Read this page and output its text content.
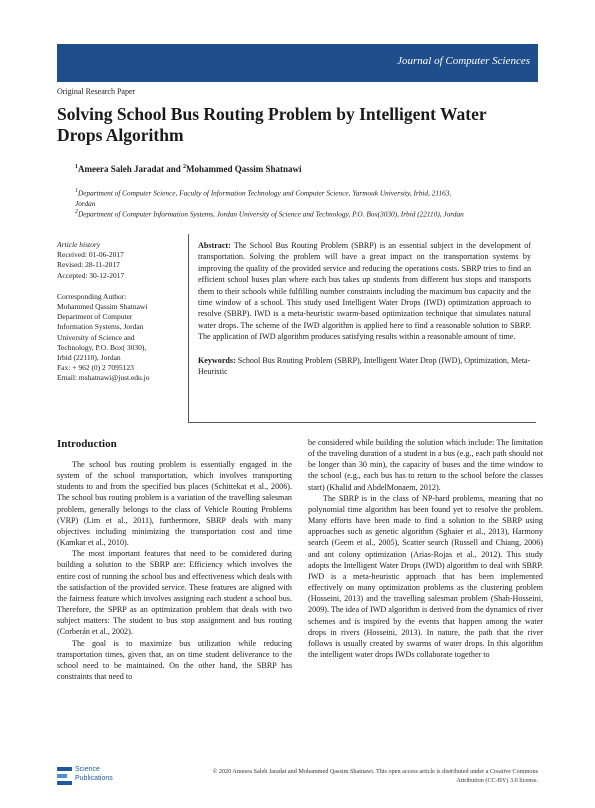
Journal of Computer Sciences
Original Research Paper
Solving School Bus Routing Problem by Intelligent Water Drops Algorithm
$^1$Ameera Saleh Jaradat and $^2$Mohammed Qassim Shatnawi
$^1$Department of Computer Science, Faculty of Information Technology and Computer Science, Yarmouk University, Irbid, 21163, Jordan
$^2$Department of Computer Information Systems, Jordan University of Science and Technology, P.O. Box(3030), Irbid (22110), Jordan
Article history
Received: 01-06-2017
Revised: 28-11-2017
Accepted: 30-12-2017
Corresponding Author:
Mohammed Qassim Shatnawi
Department of Computer
Information Systems, Jordan
University of Science and
Technology, P.O. Box( 3030),
Irbid (22110), Jordan
Fax: + 962 (0) 2 7095123
Email: mshatnawi@just.edu.jo

Abstract: The School Bus Routing Problem (SBRP) is an essential subject in the development of transportation. Solving the problem will have a great impact on the transportation systems by improving the quality of the provided service and reducing the operations costs. SBRP tries to find an efficient school buses plan where each bus takes up students from different bus stops and transports them to their schools while fulfilling number constraints including the maximum bus capacity and the time window of a school. This study used Intelligent Water Drops (IWD) optimization approach to resolve (SBRP). IWD is a meta-heuristic swarm-based optimization technique that simulates natural water drops. The scheme of the IWD algorithm is applied here to find a reasonable solution to SBRP. The application of IWD algorithm produces satisfying results within a reasonable amount of time.

Keywords: School Bus Routing Problem (SBRP), Intelligent Water Drop (IWD), Optimization, Meta-Heuristic

Introduction

The school bus routing problem is essentially engaged in the system of the school transportation, which involves transporting students to and from the specified bus places (Schittekat et al., 2006). The school bus routing problem is a variation of the travelling salesman problem, generally belongs to the class of Vehicle Routing Problems (VRP) (Lim et al., 2011), furthermore, SBRP deals with many objectives including minimizing the transportation cost and time (Kamkar et al., 2010).

The most important features that need to be considered during building a solution to the SBRP are: Efficiency which involves the entire cost of running the school bus and effectiveness which deals with the satisfaction of the provided service. These features are aligned with the fairness feature which involves assigning each student a school bus. Therefore, the SPRP as an optimization problem that deals with two subject matters: The student to bus stop assignment and bus routing (Corberán et al., 2002).

The goal is to maximize bus utilization while reducing transportation times, given that, an on time student deliverance to the school need to be maintained. On the other hand, the SBRP has constraints that need to

be considered while building the solution which include: The limitation of the traveling duration of a student in a bus (e.g., each path should not be longer than 30 min), the capacity of buses and the time window to the school (e.g., each bus has to return to the school before the classes start) (Khalid and AbdelMonaem, 2012).

The SBRP is in the class of NP-hard problems, meaning that no polynomial time algorithm has been found yet to resolve the problem. Many efforts have been made to find a solution to the SBRP using approaches such as genetic algorithm (Sghaier et al., 2013), Harmony search (Geem et al., 2005), Scatter search (Russell and Chiang, 2006) and ant colony optimization (Arias-Rojas et al., 2012). This study adopts the Intelligent Water Drops (IWD) algorithm to deal with SBRP. IWD is a meta-heuristic approach that has been implemented effectively on many optimization problems as the clustering problem (Hosseini, 2013) and the travelling salesman problem (Shah-Hosseini, 2009). The idea of IWD algorithm is derived from the dynamics of river schemes and is inspired by the events that happen among the water drops in rivers (Hosseini, 2013). In nature, the path that the river follows is usually created by swarms of water drops. In this algorithm the intelligent water drops IWDs collaborate together to

Science
Publications
© 2020 Ameera Saleh Jaradat and Mohammed Qassim Shatnawi. This open access article is distributed under a Creative Commons Attribution (CC-BY) 3.0 license.
